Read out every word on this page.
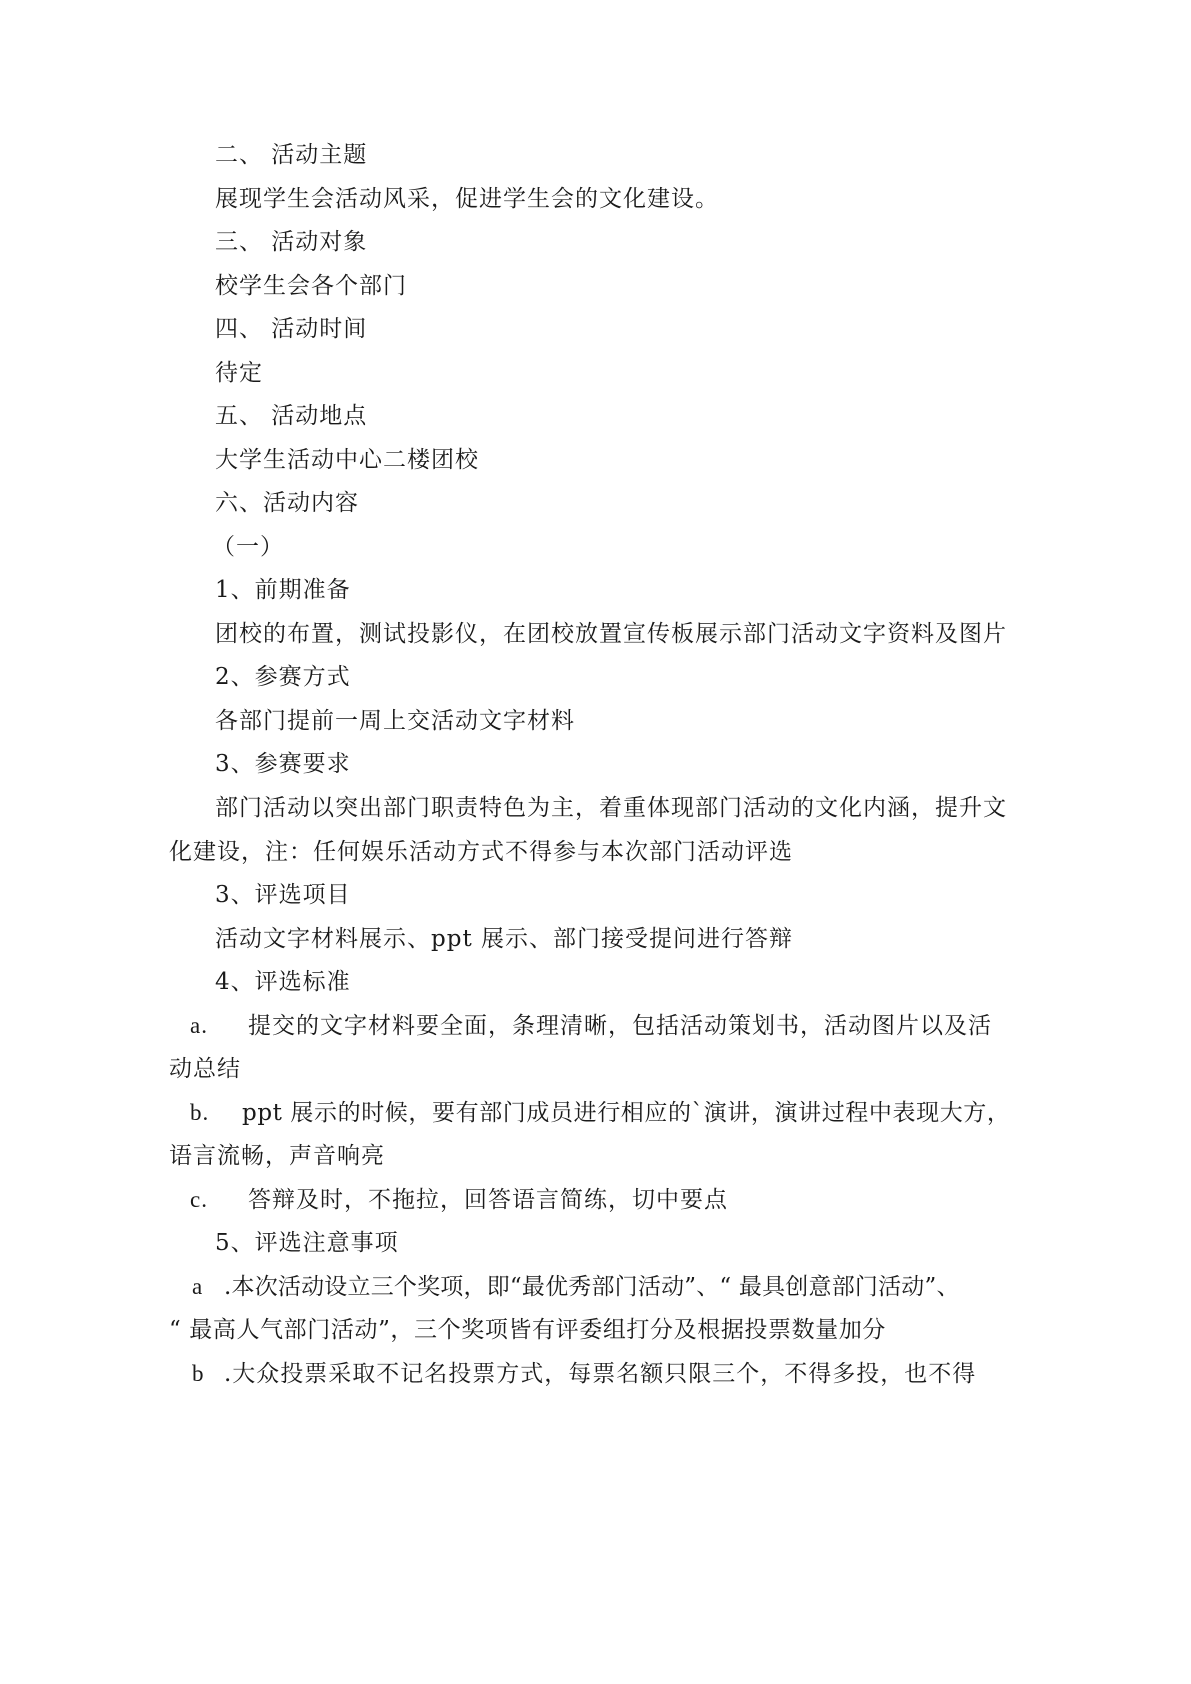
二、 活动主题
展现学生会活动风采，促进学生会的文化建设。
三、 活动对象
校学生会各个部门
四、 活动时间
待定
五、 活动地点
大学生活动中心二楼团校
六、活动内容
（一）
1、前期准备
团校的布置，测试投影仪，在团校放置宣传板展示部门活动文字资料及图片
2、参赛方式
各部门提前一周上交活动文字材料
3、参赛要求
部门活动以突出部门职责特色为主，着重体现部门活动的文化内涵，提升文
化建设，注：任何娱乐活动方式不得参与本次部门活动评选
3、评选项目
活动文字材料展示、ppt 展示、部门接受提问进行答辩
4、评选标准
a. 提交的文字材料要全面，条理清晰，包括活动策划书，活动图片以及活
动总结
b. ppt 展示的时候，要有部门成员进行相应的`演讲，演讲过程中表现大方，
语言流畅，声音响亮
c. 答辩及时，不拖拉，回答语言简练，切中要点
5、评选注意事项
a .本次活动设立三个奖项，即“最优秀部门活动”、“ 最具创意部门活动”、
“ 最高人气部门活动”，三个奖项皆有评委组打分及根据投票数量加分
b .大众投票采取不记名投票方式，每票名额只限三个，不得多投，也不得
